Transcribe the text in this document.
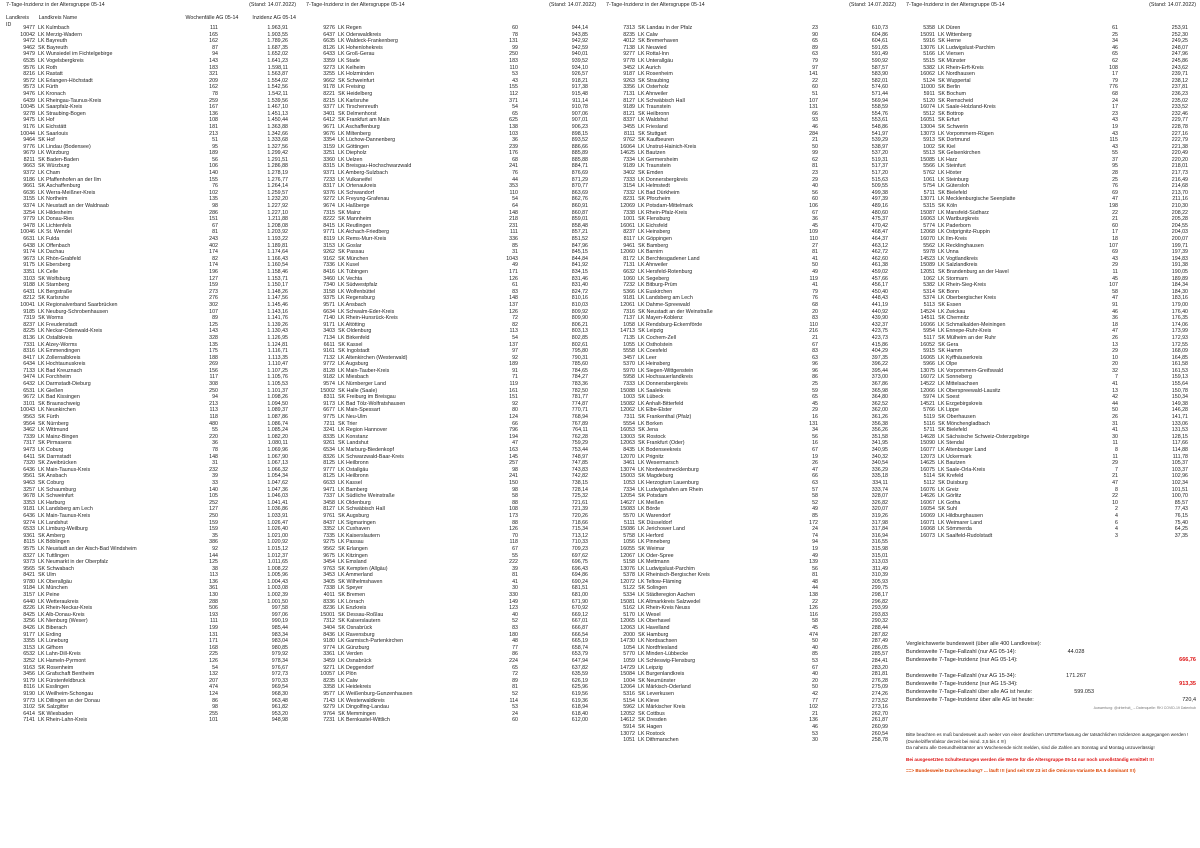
7-Tage-Inzidenz in der Altersgruppe 05-14	(Stand: 14.07.2022)
Landkreis ID
Landkreis Name	Wochenfälle AG 05-14	Inzidenz AG 05-14
9477 LK Kulmbach	111	1.963,91
10042 LK Merzig-Wadern	165	1.903,55
9472 LK Bayreuth	162	1.789,26
9462 SK Bayreuth	87	1.687,35
9479 LK Wunsiedel im Fichtelgebirge	94	1.652,02
6535 LK Vogelsbergkreis	143	1.641,23
9576 LK Roth	183	1.598,11
8216 LK Rastatt	321	1.563,87
9572 LK Erlangen-Höchstadt	209	1.554,02
9573 LK Fürth	162	1.542,56
9476 LK Kronach	78	1.542,11
6439 LK Rheingau-Taunus-Kreis	259	1.539,56
10045 LK Saarpfalz-Kreis	167	1.467,10
9278 LK Straubing-Bogen	136	1.451,13
9475 LK Hof	108	1.450,44
9176 LK Eichstätt	181	1.363,88
10044 LK Saarlouis	213	1.342,66
9464 SK Hof	51	1.333,68
9776 LK Lindau (Bodensee)	95	1.327,56
9679 LK Würzburg	189	1.299,42
8211 SK Baden-Baden	56	1.291,51
9663 SK Würzburg	106	1.286,88
9372 LK Cham	140	1.278,19
9186 LK Pfaffenhofen an der Ilm	155	1.276,77
9661 SK Aschaffenburg	76	1.264,14
6636 LK Werra-Meißner-Kreis	102	1.259,57
3155 LK Northeim	135	1.232,20
9374 LK Neustadt an der Waldnaab	98	1.227,92
3254 LK Hildesheim	286	1.227,10
9779 LK Donau-Ries	151	1.211,88
9478 LK Lichtenfels	67	1.208,08
10046 LK St. Wendel	81	1.203,92
6631 LK Fulda	243	1.193,22
6438 LK Offenbach	402	1.189,81
9174 LK Dachau	174	1.174,64
9673 LK Rhön-Grabfeld	82	1.166,43
9175 LK Ebersberg	174	1.160,54
3351 LK Celle	196	1.158,46
3103 SK Wolfsburg	127	1.153,71
9188 LK Starnberg	159	1.150,17
6431 LK Bergstraße	273	1.148,26
8212 SK Karlsruhe	276	1.147,56
10041 LK Regionalverband Saarbrücken	302	1.145,46
9185 LK Neuburg-Schrobenhausen	107	1.143,16
7319 SK Worms	89	1.141,76
8237 LK Freudenstadt	125	1.139,26
8225 LK Neckar-Odenwald-Kreis	143	1.130,43
8136 LK Ostalbkreis	328	1.126,95
7331 LK Alzey-Worms	135	1.124,81
8316 LK Emmendingen	175	1.116,71
8417 LK Zollernalbkreis	188	1.113,35
6434 LK Hochtaunuskreis	269	1.110,47
7133 LK Bad Kreuznach	156	1.107,25
9474 LK Forchheim	117	1.105,76
6432 LK Darmstadt-Dieburg	308	1.105,53
6531 LK Gießen	250	1.101,37
9672 LK Bad Kissingen	94	1.098,26
3101 SK Braunschweig	213	1.094,50
10043 LK Neunkirchen	113	1.089,37
9563 SK Fürth	118	1.087,86
9564 SK Nürnberg	480	1.086,74
3462 LK Wittmund	55	1.085,24
7339 LK Mainz-Bingen	220	1.082,20
7317 SK Pirmasens	36	1.080,11
9473 LK Coburg	78	1.069,96
6411 SK Darmstadt	148	1.067,90
7320 SK Zweibrücken	31	1.067,13
6436 LK Main-Taunus-Kreis	232	1.066,32
9561 SK Ansbach	39	1.054,34
9463 SK Coburg	33	1.047,62
3257 LK Schaumburg	140	1.047,36
9678 LK Schweinfurt	105	1.046,03
3353 LK Harburg	252	1.041,41
9181 LK Landsberg am Lech	127	1.036,86
6436 LK Main-Taunus-Kreis	250	1.033,91
9274 LK Landshut	159	1.026,47
6533 LK Limburg-Weilburg	159	1.026,40
9361 SK Amberg	35	1.021,00
8115 LK Böblingen	386	1.020,92
9575 LK Neustadt an der Aisch-Bad Windsheim	92	1.015,12
8327 LK Tuttlingen	144	1.012,37
9373 LK Neumarkt in der Oberpfalz	125	1.011,65
9565 SK Schwabach	38	1.008,22
8421 SK Ulm	113	1.005,96
9780 LK Oberallgäu	136	1.004,43
9184 LK München	361	1.003,08
3157 LK Peine	130	1.002,39
6440 LK Wetteraukreis	288	1.001,50
8226 LK Rhein-Neckar-Kreis	506	997,58
8425 LK Alb-Donau-Kreis	193	997,06
3256 LK Nienburg (Weser)	111	990,19
8426 LK Biberach	199	985,44
9177 LK Erding	131	983,34
3355 LK Lüneburg	171	983,04
3153 LK Gifhorn	168	980,85
6532 LK Lahn-Dill-Kreis	225	979,92
3252 LK Hameln-Pyrmont	126	978,34
9163 SK Rosenheim	54	976,67
3456 LK Grafschaft Bentheim	132	972,73
9179 LK Fürstenfeldbruck	207	970,33
8116 LK Esslingen	474	969,54
9190 LK Weilheim-Schongau	124	968,30
9773 LK Dillingen an der Donau	86	963,48
3102 SK Salzgitter	98	961,82
6414 SK Wiesbaden	255	953,20
7141 LK Rhein-Lahn-Kreis	101	948,98
7-Tage-Inzidenz in der Altersgruppe 05-14	(Stand: 14.07.2022)
9276 LK Regen	60	944,14
6437 LK Odenwaldkreis	78	943,85
6635 LK Waldeck-Frankenberg	131	942,92
8126 LK Hohenlohekreis	99	942,59
6433 LK Groß-Gerau	250	940,01
3359 LK Stade	183	939,52
9273 LK Kelheim	110	934,10
3255 LK Holzminden	53	926,57
9662 SK Schweinfurt	43	918,21
9178 LK Freising	155	917,38
8221 SK Heidelberg	112	915,48
8215 LK Karlsruhe	371	911,14
9377 LK Tirschenreuth	54	910,78
3401 SK Delmenhorst	65	907,06
6412 SK Frankfurt am Main	625	907,01
9671 LK Aschaffenburg	138	906,23
9676 LK Miltenberg	103	898,15
3354 LK Lüchow-Dannenberg	36	893,52
3159 LK Göttingen	239	886,66
3251 LK Diepholz	176	885,89
3360 LK Uelzen	68	885,88
8315 LK Breisgau-Hochschwarzwald	241	884,71
9371 LK Amberg-Sulzbach	76	876,69
7233 LK Vulkaneifel	44	871,29
8317 LK Ortenaukreis	353	870,77
9376 LK Schwandorf	110	863,69
9272 LK Freyung-Grafenau	54	862,76
9674 LK Haßberge	64	860,91
7315 SK Mainz	148	860,87
8222 SK Mannheim	218	859,01
8415 LK Reutlingen	231	858,48
9771 LK Aichach-Friedberg	111	857,21
8119 LK Rems-Murr-Kreis	336	851,52
3153 LK Goslar	85	847,96
9262 SK Passau	31	845,15
9162 SK München	1043	844,84
7336 LK Kusel	49	841,92
8416 LK Tübingen	171	834,15
3460 LK Vechta	126	831,46
7340 LK Südwestpfalz	61	831,40
3158 LK Wolfenbüttel	83	824,72
9375 LK Regensburg	148	810,16
9571 LK Ansbach	137	810,03
6634 LK Schwalm-Eder-Kreis	126	809,92
7140 LK Rhein-Hunsrück-Kreis	72	809,90
9171 LK Altötting	82	806,21
3403 SK Oldenburg	113	803,13
7134 LK Birkenfeld	54	802,85
6611 SK Kassel	137	802,61
9161 SK Ingolstadt	97	795,80
7132 LK Altenkirchen (Westerwald)	92	790,31
9772 LK Augsburg	189	785,60
8128 LK Main-Tauber-Kreis	91	784,65
9182 LK Miesbach	71	784,27
9574 LK Nürnberger Land	119	783,36
15002 SK Halle (Saale)	161	782,50
8311 SK Freiburg im Breisgau	151	781,77
9173 LK Bad Tölz-Wolfratshausen	92	774,87
6677 LK Main-Spessart	80	770,71
9775 LK Neu-Ulm	124	768,94
7211 SK Trier	66	767,89
3241 LK Region Hannover	796	764,11
8335 LK Konstanz	194	762,28
9261 SK Landshut	47	759,29
6534 LK Marburg-Biedenkopf	163	753,44
8326 LK Schwarzwald-Baar-Kreis	145	748,97
8125 LK Heilbronn	257	747,85
9777 LK Ostallgäu	98	743,83
8125 LK Heilbronn	241	742,82
6633 LK Kassel	150	738,15
9471 LK Bamberg	98	728,14
7337 LK Südliche Weinstraße	58	725,32
3458 LK Oldenburg	88	721,61
8127 LK Schwäbisch Hall	108	721,39
9761 SK Augsburg	173	720,26
8437 LK Sigmaringen	88	718,66
3352 LK Cuxhaven	126	715,34
7335 LK Kaiserslautern	70	713,12
9275 LK Passau	118	710,33
9562 SK Erlangen	67	709,23
9675 LK Kitzingen	55	697,62
3454 LK Emsland	222	696,75
9763 SK Kempten (Allgäu)	39	696,43
3453 LK Ammerland	81	694,86
3405 SK Wilhelmshaven	41	690,24
7338 LK Speyer	30	681,51
4011 SK Bremen	330	681,00
8336 LK Lörrach	149	671,90
8236 LK Enzkreis	123	670,92
15001 SK Dessau-Roßlau	40	669,12
7312 SK Kaiserslautern	52	667,01
3404 SK Osnabrück	83	666,87
8436 LK Ravensburg	180	666,54
9180 LK Garmisch-Partenkirchen	48	665,19
9774 LK Günzburg	77	658,74
3361 LK Verden	86	653,79
3459 LK Osnabrück	224	647,94
9271 LK Deggendorf	65	637,82
10057 LK Plön	72	635,59
8235 LK Calw	89	626,19
3358 LK Heidekreis	81	625,96
9577 LK Weißenburg-Gunzenhausen	52	619,56
7143 LK Westerwaldkreis	114	619,36
9279 LK Dingolfing-Landau	53	618,94
9764 SK Memmingen	24	618,40
7231 LK Bernkastel-Wittlich	60	612,00
7-Tage-Inzidenz in der Altersgruppe 05-14	(Stand: 14.07.2022)
7313 SK Landau in der Pfalz	23	610,73
8235 LK Calw	90	604,86
4012 SK Bremerhaven	65	604,61
7138 LK Neuwied	89	591,65
9277 LK Rottal-Inn	63	591,49
9778 LK Unterallgäu	79	590,92
3452 LK Aurich	97	587,57
9187 LK Rosenheim	141	583,90
9263 SK Straubing	22	582,01
3356 LK Osterholz	60	574,60
7131 LK Ahrweiler	51	571,44
8127 LK Schwäbisch Hall	107	569,94
9189 LK Traunstein	131	558,59
8121 SK Heilbronn	66	554,76
8337 LK Waldshut	93	553,61
3455 LK Friesland	46	548,86
8111 SK Stuttgart	284	541,97
9762 SK Kaufbeuren	21	539,29
16064 LK Unstrut-Hainich-Kreis	50	538,97
14625 LK Bautzen	99	537,20
7334 LK Germersheim	62	519,31
9189 LK Traunstein	81	517,37
3402 SK Emden	23	517,20
7333 LK Donnersbergkreis	29	515,63
3154 LK Helmstedt	40	509,55
7332 LK Bad Dürkheim	56	499,38
8231 SK Pforzheim	60	497,39
12069 LK Potsdam-Mittelmark	106	489,16
7338 LK Rhein-Pfalz-Kreis	67	480,60
1001 SK Flensburg	36	475,37
16061 LK Eichsfeld	45	470,42
8237 LK Heinsberg	109	468,47
8117 LK Göppingen	110	464,37
9461 SK Bamberg	27	463,12
12060 LK Barnim	81	462,72
8172 LK Berchtesgadener Land	41	462,60
7131 LK Ahrweiler	50	461,38
6632 LK Hersfeld-Rotenburg	49	459,02
1060 LK Segeberg	119	457,66
7232 LK Bitburg-Prüm	41	456,17
5366 LK Euskirchen	79	450,40
9181 LK Landsberg am Lech	76	448,43
12061 LK Dahme-Spreewald	68	441,19
7316 SK Neustadt an der Weinstraße	20	440,92
7137 LK Mayen-Koblenz	83	439,90
1058 LK Rendsburg-Eckernförde	110	432,37
14713 SK Leipzig	216	423,75
7135 LK Cochem-Zell	21	423,73
1055 LK Ostholstein	67	415,86
5558 LK Coesfeld	83	404,29
3457 LK Leer	63	397,35
5370 LK Heinsberg	96	396,22
5970 LK Siegen-Wittgenstein	96	395,44
5958 LK Hochsauerlandkreis	86	373,00
7333 LK Donnersbergkreis	25	367,86
15088 LK Saalekreis	59	365,98
1003 SK Lübeck	65	364,80
15082 LK Anhalt-Bitterfeld	45	362,52
12062 LK Elbe-Elster	29	362,00
7311 SK Frankenthal (Pfalz)	16	361,26
5554 LK Borken	131	356,38
16053 SK Jena	34	356,26
13003 SK Rostock	56	351,58
12063 SK Frankfurt (Oder)	16	341,95
8435 LK Bodenseekreis	67	340,95
12070 LK Prignitz	19	340,32
3461 LK Wesermarsch	26	340,54
13074 LK Nordwestmecklenburg	47	336,29
15003 SK Magdeburg	66	335,18
1053 LK Herzogtum Lauenburg	63	334,11
7334 LK Ludwigshafen am Rhein	57	333,74
12054 SK Potsdam	58	328,07
14627 LK Meißen	52	326,82
15083 LK Börde	49	320,07
5570 LK Warendorf	85	319,26
5111 SK Düsseldorf	172	317,98
15086 LK Jerichower Land	24	317,84
5758 LK Herford	74	316,94
1056 LK Pinneberg	94	316,55
16055 SK Weimar	19	315,98
12067 LK Oder-Spree	49	315,01
5158 LK Mettmann	139	313,03
13076 LK Ludwigslust-Parchim	56	311,49
5378 LK Rheinisch-Bergischer Kreis	81	310,39
12072 LK Teltow-Fläming	48	305,93
5122 SK Solingen	44	299,75
5334 LK Städteregion Aachen	138	298,17
15081 LK Altmarkkreis Salzwedel	22	296,82
5162 LK Rhein-Kreis Neuss	126	293,99
5170 LK Wesel	116	293,83
12065 LK Oberhavel	58	290,32
12063 LK Havelland	45	288,44
2000 SK Hamburg	474	287,82
14730 LK Nordsachsen	50	287,49
1054 LK Nordfriesland	40	286,05
5770 LK Minden-Lübbecke	85	285,57
1059 LK Schleswig-Flensburg	53	284,41
14729 LK Leipzig	67	283,20
15084 LK Burgenlandkreis	40	281,81
1004 SK Neumünster	20	276,28
12064 LK Märkisch-Oderland	50	275,09
5316 SK Leverkusen	42	274,26
5154 LK Kleve	77	273,52
5962 LK Märkischer Kreis	102	273,16
12052 SK Cottbus	21	262,70
14612 SK Dresden	136	261,87
5914 SK Hagen	46	260,99
13072 LK Rostock	53	260,54
1051 LK Dithmarschen	30	258,78
7-Tage-Inzidenz in der Altersgruppe 05-14	(Stand: 14.07.2022)
5358 LK Düren	61	253,91
15091 LK Wittenberg	25	252,30
5916 SK Herne	34	249,25
13076 LK Ludwigslust-Parchim	46	248,07
5166 LK Viersen	65	247,96
5515 SK Münster	62	245,86
5382 LK Rhein-Erft-Kreis	108	243,62
16062 LK Nordhausen	17	239,71
5124 SK Wuppertal	79	238,12
11000 SK Berlin	776	237,81
5911 SK Bochum	68	236,23
5120 SK Remscheid	24	235,02
16074 LK Saale-Holzland-Kreis	17	233,52
5512 SK Bottrop	23	232,46
16051 SK Erfurt	43	229,77
13004 SK Schwerin	19	228,78
13073 LK Vorpommern-Rügen	43	227,16
5913 SK Dortmund	115	222,79
1002 SK Kiel	43	221,38
5513 SK Gelsenkirchen	55	220,49
15085 LK Harz	37	220,20
5566 LK Steinfurt	95	218,01
5762 LK Höxter	28	217,73
1061 LK Steinburg	25	216,49
5754 LK Gütersloh	76	214,68
5711 SK Bielefeld	69	213,70
13071 LK Mecklenburgische Seenplatte	47	211,16
5315 SK Köln	198	210,30
15087 LK Mansfeld-Südharz	22	208,22
16063 LK Wartburgkreis	21	205,28
5774 LK Paderborn	60	204,55
12068 LK Ostprignitz-Ruppin	17	204,03
16070 LK Ilm-Kreis	18	200,07
5562 LK Recklinghausen	107	199,71
5978 LK Unna	69	197,39
14523 LK Vogtlandkreis	43	194,83
15089 LK Salzlandkreis	29	191,38
12051 SK Brandenburg an der Havel	11	190,05
1062 LK Stormarn	45	189,89
5382 LK Rhein-Sieg-Kreis	107	184,34
5314 SK Bonn	58	184,30
5374 LK Oberbergischer Kreis	47	183,16
5113 SK Essen	91	179,00
14524 LK Zwickau	46	176,40
14511 SK Chemnitz	36	176,35
16066 LK Schmalkalden-Meiningen	18	174,06
5954 LK Ennepe-Ruhr-Kreis	47	173,99
5117 SK Mülheim an der Ruhr	26	172,93
16052 SK Gera	13	172,55
5915 SK Hamm	29	168,09
16065 LK Kyffhäuserkreis	10	164,85
5966 LK Olpe	20	161,58
13075 LK Vorpommern-Greifswald	32	161,53
16072 LK Sonneberg	7	159,13
14522 LK Mittelsachsen	41	155,64
12066 LK Oberspreewald-Lausitz	13	150,78
5974 LK Soest	42	150,34
14521 LK Erzgebirgskreis	44	149,38
5766 LK Lippe	50	146,28
5119 SK Oberhausen	26	141,71
5116 SK Mönchengladbach	31	133,06
5711 SK Bielefeld	41	131,53
14628 LK Sächsische Schweiz-Osterzgebirge	30	128,15
15090 LK Stendal	11	117,66
16077 LK Altenburger Land	8	114,88
12073 LK Uckermark	11	111,78
14625 LK Bautzen	29	105,37
16075 LK Saale-Orla-Kreis	7	103,37
5114 SK Krefeld	21	102,96
5112 SK Duisburg	47	102,34
16076 LK Greiz	8	101,51
14626 LK Görlitz	22	100,70
16067 LK Gotha	10	85,57
16054 SK Suhl	2	77,43
16069 LK Hildburghausen	4	76,15
16071 LK Weimarer Land	6	75,40
16068 LK Sömmerda	4	64,25
16073 LK Saalfeld-Rudolstadt	3	37,35
Vergleichswerte bundesweit (über alle 400 Landkreise):
Bundesweite 7-Tage-Fallzahl (nur AG 05-14):	44.028
Bundesweite 7-Tage-Inzidenz (nur AG 05-14):	666,76
Bundesweite 7-Tage-Fallzahl (nur AG 15-34):	171.267
Bundesweite 7-Tage-Inzidenz (nur AG 15-34):	913,35
Bundesweite 7-Tage-Fallzahl über alle AG ist heute:	599.053
Bundesweite 7-Tage-Inzidenz über alle AG ist heute:	720,4
Auswertung: @drbefruit_ – Datenquelle: RKI COVID-19 Datenhub
Bitte beachten es muß bundesweit auch weiter von einer deutlichen UNTERerfassung der tatsächlichen Inzidenzen ausgegangen werden ! (Dunkelziffernfaktor derzeit bei mind. 3,5 bis 4 !!!)
Da nahezu alle Gesundheitsämter am Wochenende nicht melden, sind die Zahlen am Sonntag und Montag unzuverlässig!
Bei ausgesetzten Schultestungen werden die Werte für die Altersgruppe 05-14 nur noch unvollständig ermittelt !!!
==> Bundesweite Durchseuchung? ... läuft !!! (und seit KW 23 ist die Omicron-Variante BA.5 dominant !!!)
